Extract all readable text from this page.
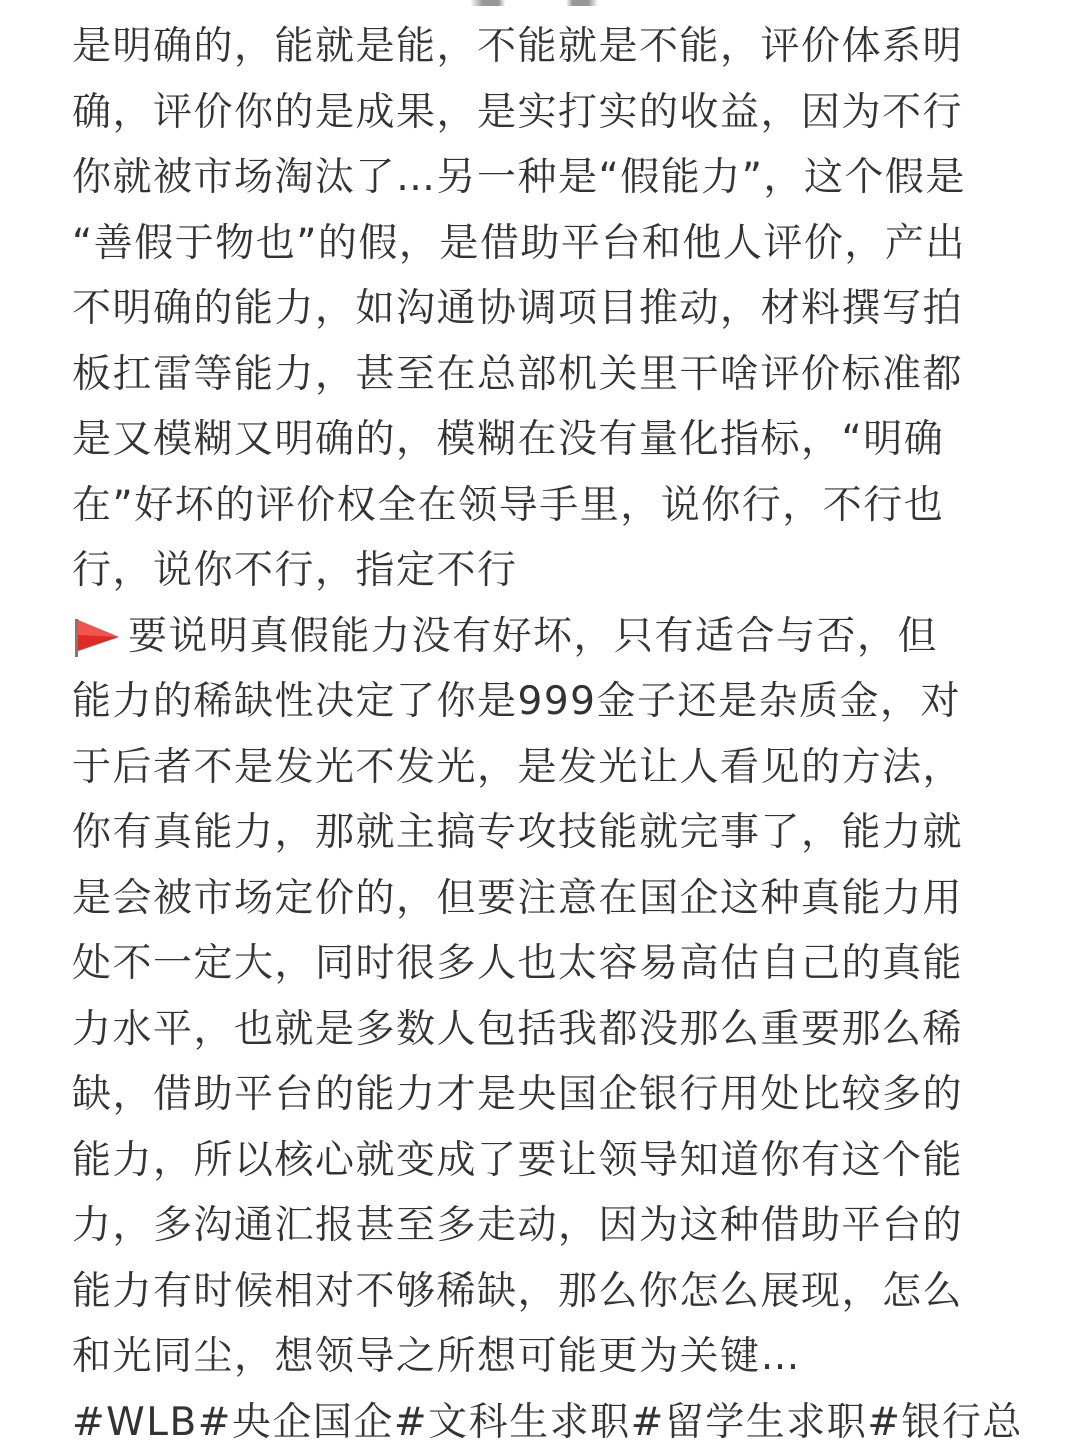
是明确的，能就是能，不能就是不能，评价体系明
确，评价你的是成果，是实打实的收益，因为不行
你就被市场淘汰了…另一种是“假能力”，这个假是
“善假于物也”的假，是借助平台和他人评价，产出
不明确的能力，如沟通协调项目推动，材料撰写拍
板扛雷等能力，甚至在总部机关里干啥评价标准都
是又模糊又明确的，模糊在没有量化指标，“明确
在”好坏的评价权全在领导手里，说你行，不行也
行，说你不行，指定不行
要说明真假能力没有好坏，只有适合与否，但
能力的稀缺性决定了你是999金子还是杂质金，对
于后者不是发光不发光，是发光让人看见的方法，
你有真能力，那就主搞专攻技能就完事了，能力就
是会被市场定价的，但要注意在国企这种真能力用
处不一定大，同时很多人也太容易高估自己的真能
力水平，也就是多数人包括我都没那么重要那么稀
缺，借助平台的能力才是央国企银行用处比较多的
能力，所以核心就变成了要让领导知道你有这个能
力，多沟通汇报甚至多走动，因为这种借助平台的
能力有时候相对不够稀缺，那么你怎么展现，怎么
和光同尘，想领导之所想可能更为关键…
#WLB#央企国企#文科生求职#留学生求职#银行总
